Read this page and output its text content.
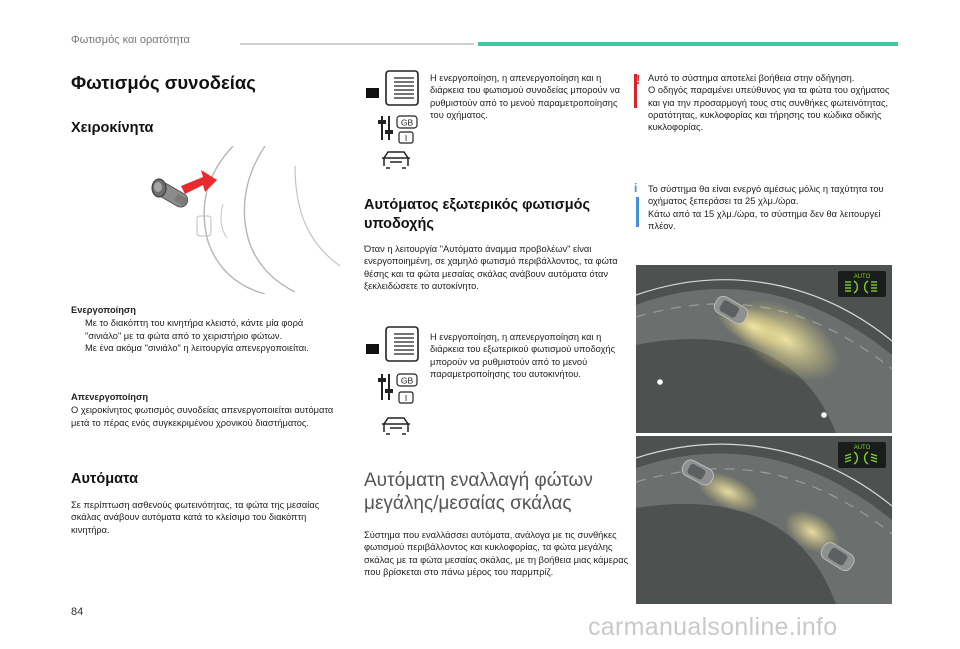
Φωτισμός και ορατότητα
Φωτισμός συνοδείας
Χειροκίνητα
Ενεργοποίηση
Με το διακόπτη του κινητήρα κλειστό, κάντε μία φορά "σινιάλο" με τα φώτα από το χειριστήριο φώτων.
Με ένα ακόμα "σινιάλο" η λειτουργία απενεργοποιείται.
Απενεργοποίηση
Ο χειροκίνητος φωτισμός συνοδείας απενεργοποιείται αυτόματα μετά το πέρας ενός συγκεκριμένου χρονικού διαστήματος.
Αυτόματα
Σε περίπτωση ασθενούς φωτεινότητας, τα φώτα της μεσαίας σκάλας ανάβουν αυτόματα κατά το κλείσιμο του διακόπτη κινητήρα.
GB
I
Η ενεργοποίηση, η απενεργοποίηση και η διάρκεια του φωτισμού συνοδείας μπορούν να ρυθμιστούν από το μενού παραμετροποίησης του οχήματος.
Αυτόματος εξωτερικός φωτισμός υποδοχής
Όταν η λειτουργία "Αυτόματο άναμμα προβολέων" είναι ενεργοποιημένη, σε χαμηλό φωτισμό περιβάλλοντος, τα φώτα θέσης και τα φώτα μεσαίας σκάλας ανάβουν αυτόματα όταν ξεκλειδώσετε το αυτοκίνητο.
GB
I
Η ενεργοποίηση, η απενεργοποίηση και η διάρκεια του εξωτερικού φωτισμού υποδοχής μπορούν να ρυθμιστούν από το μενού παραμετροποίησης του αυτοκινήτου.
Αυτόματη εναλλαγή φώτων μεγάλης/μεσαίας σκάλας
Σύστημα που εναλλάσσει αυτόματα, ανάλογα με τις συνθήκες φωτισμού περιβάλλοντος και κυκλοφορίας, τα φώτα μεγάλης σκάλας με τα φώτα μεσαίας σκάλας, με τη βοήθεια μιας κάμερας που βρίσκεται στο πάνω μέρος του παρμπρίζ.
! Αυτό το σύστημα αποτελεί βοήθεια στην οδήγηση.
Ο οδηγός παραμένει υπεύθυνος για τα φώτα του οχήματος και για την προσαρμογή τους στις συνθήκες φωτεινότητας, ορατότητας, κυκλοφορίας και τήρησης του κώδικα οδικής κυκλοφορίας.
i Το σύστημα θα είναι ενεργό αμέσως μόλις η ταχύτητα του οχήματος ξεπεράσει τα 25 χλμ./ώρα.
Κάτω από τα 15 χλμ./ώρα, το σύστημα δεν θα λειτουργεί πλέον.
AUTO
AUTO
84
carmanualsonline.info
